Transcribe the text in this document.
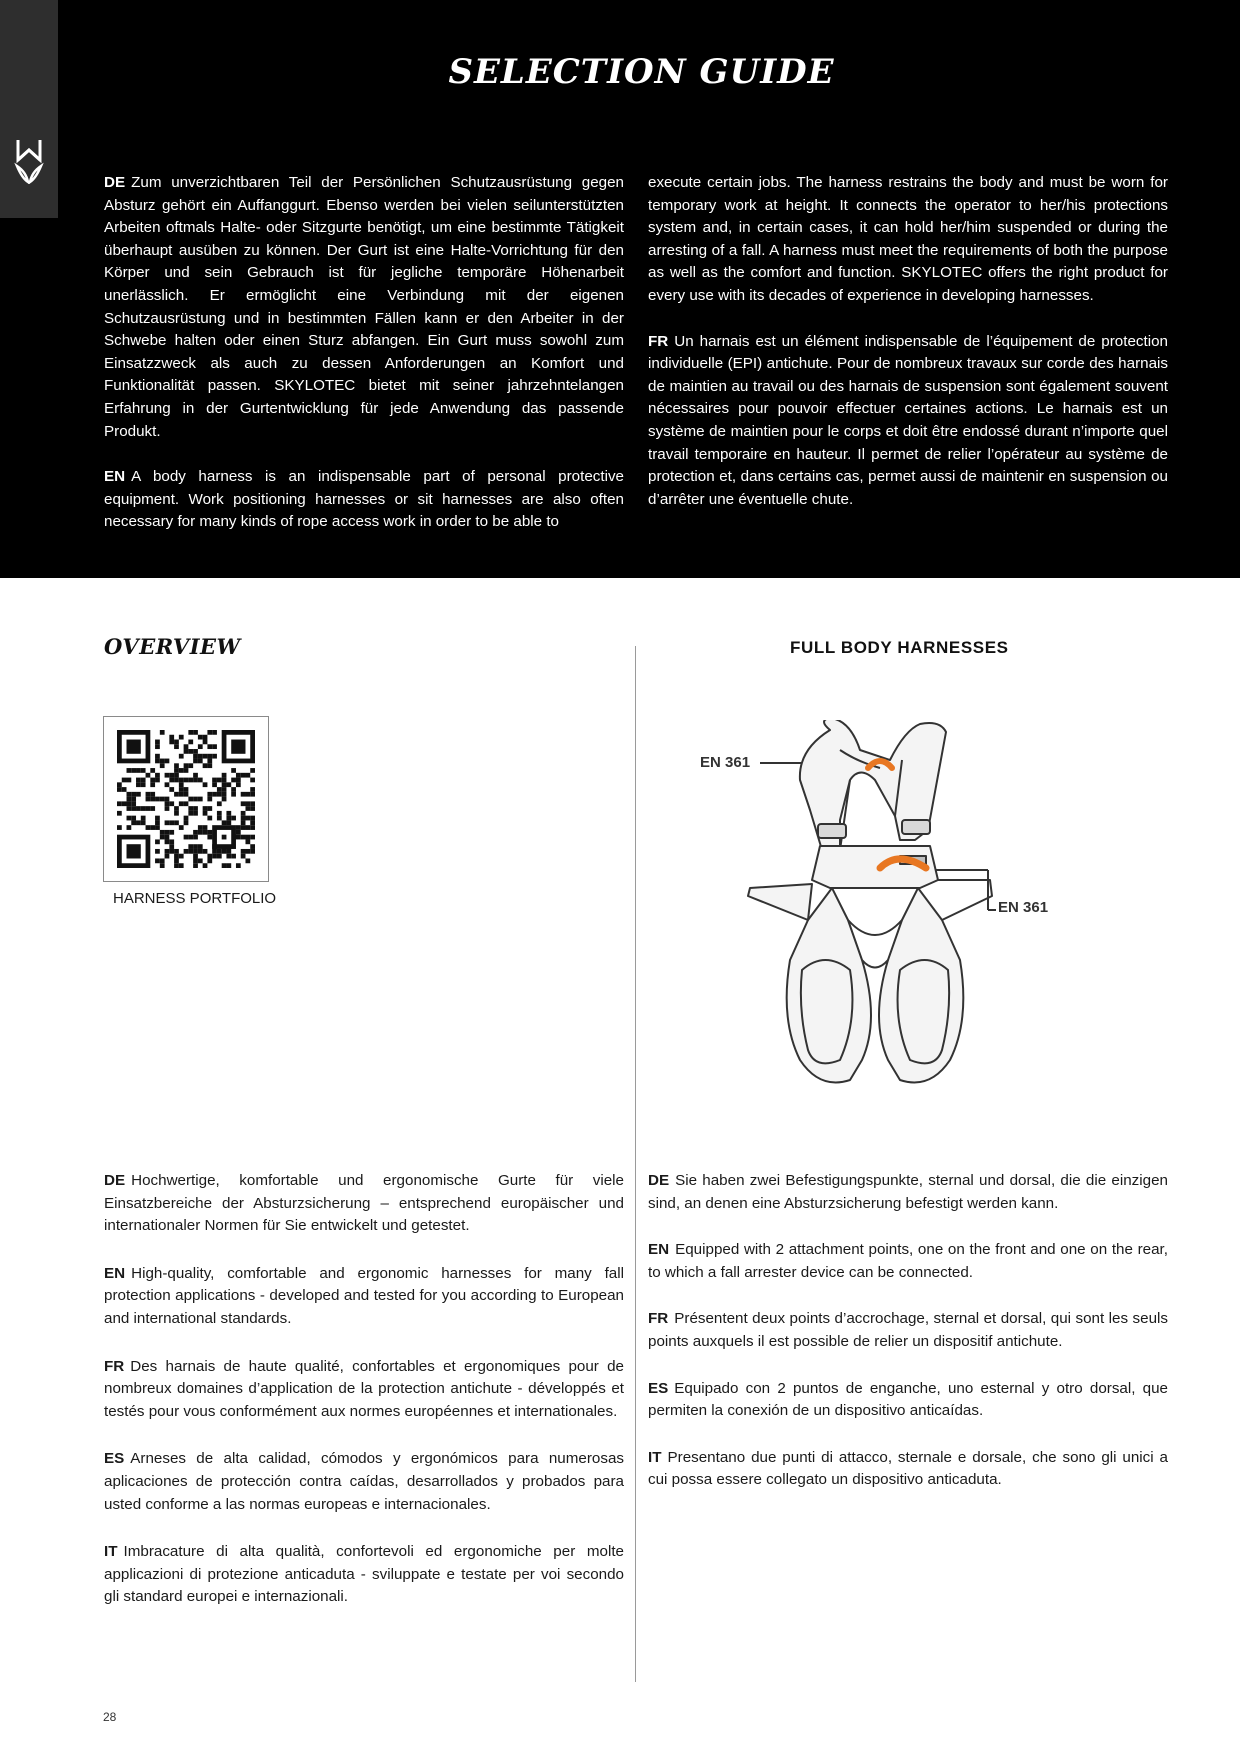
SELECTION GUIDE

DE Zum unverzichtbaren Teil der Persönlichen Schutzausrüstung gegen Absturz gehört ein Auffanggurt. Ebenso werden bei vielen seilunterstützten Arbeiten oftmals Halte- oder Sitzgurte benötigt, um eine bestimmte Tätigkeit überhaupt ausüben zu können. Der Gurt ist eine Halte-Vorrichtung für den Körper und sein Gebrauch ist für jegliche temporäre Höhenarbeit unerlässlich. Er ermöglicht eine Verbindung mit der eigenen Schutzausrüstung und in bestimmten Fällen kann er den Arbeiter in der Schwebe halten oder einen Sturz abfangen. Ein Gurt muss sowohl zum Einsatzzweck als auch zu dessen Anforderungen an Komfort und Funktionalität passen. SKYLOTEC bietet mit seiner jahrzehntelangen Erfahrung in der Gurtentwicklung für jede Anwendung das passende Produkt.

EN A body harness is an indispensable part of personal protective equipment. Work positioning harnesses or sit harnesses are also often necessary for many kinds of rope access work in order to be able to

execute certain jobs. The harness restrains the body and must be worn for temporary work at height. It connects the operator to her/his protections system and, in certain cases, it can hold her/him suspended or during the arresting of a fall. A harness must meet the requirements of both the purpose as well as the comfort and function. SKYLOTEC offers the right product for every use with its decades of experience in developing harnesses.

FR Un harnais est un élément indispensable de l’équipement de protection individuelle (EPI) antichute. Pour de nombreux travaux sur corde des harnais de maintien au travail ou des harnais de suspension sont également souvent nécessaires pour pouvoir effectuer certaines actions. Le harnais est un système de maintien pour le corps et doit être endossé durant n’importe quel travail temporaire en hauteur. Il permet de relier l’opérateur au système de protection et, dans certains cas, permet aussi de maintenir en suspension ou d’arrêter une éventuelle chute.

OVERVIEW
HARNESS PORTFOLIO
FULL BODY HARNESSES
EN 361
EN 361

DE Hochwertige, komfortable und ergonomische Gurte für viele Einsatzbereiche der Absturzsicherung – entsprechend europäischer und internationaler Normen für Sie entwickelt und getestet.

EN High-quality, comfortable and ergonomic harnesses for many fall protection applications - developed and tested for you according to European and international standards.

FR Des harnais de haute qualité, confortables et ergonomiques pour de nombreux domaines d’application de la protection antichute - développés et testés pour vous conformément aux normes européennes et internationales.

ES Arneses de alta calidad, cómodos y ergonómicos para numerosas aplicaciones de protección contra caídas, desarrollados y probados para usted conforme a las normas europeas e internacionales.

IT Imbracature di alta qualità, confortevoli ed ergonomiche per molte applicazioni di protezione anticaduta - sviluppate e testate per voi secondo gli standard europei e internazionali.

DE Sie haben zwei Befestigungspunkte, sternal und dorsal, die die einzigen sind, an denen eine Absturzsicherung befestigt werden kann.

EN Equipped with 2 attachment points, one on the front and one on the rear, to which a fall arrester device can be connected.

FR Présentent deux points d’accrochage, sternal et dorsal, qui sont les seuls points auxquels il est possible de relier un dispositif antichute.

ES Equipado con 2 puntos de enganche, uno esternal y otro dorsal, que permiten la conexión de un dispositivo anticaídas.

IT Presentano due punti di attacco, sternale e dorsale, che sono gli unici a cui possa essere collegato un dispositivo anticaduta.

28
